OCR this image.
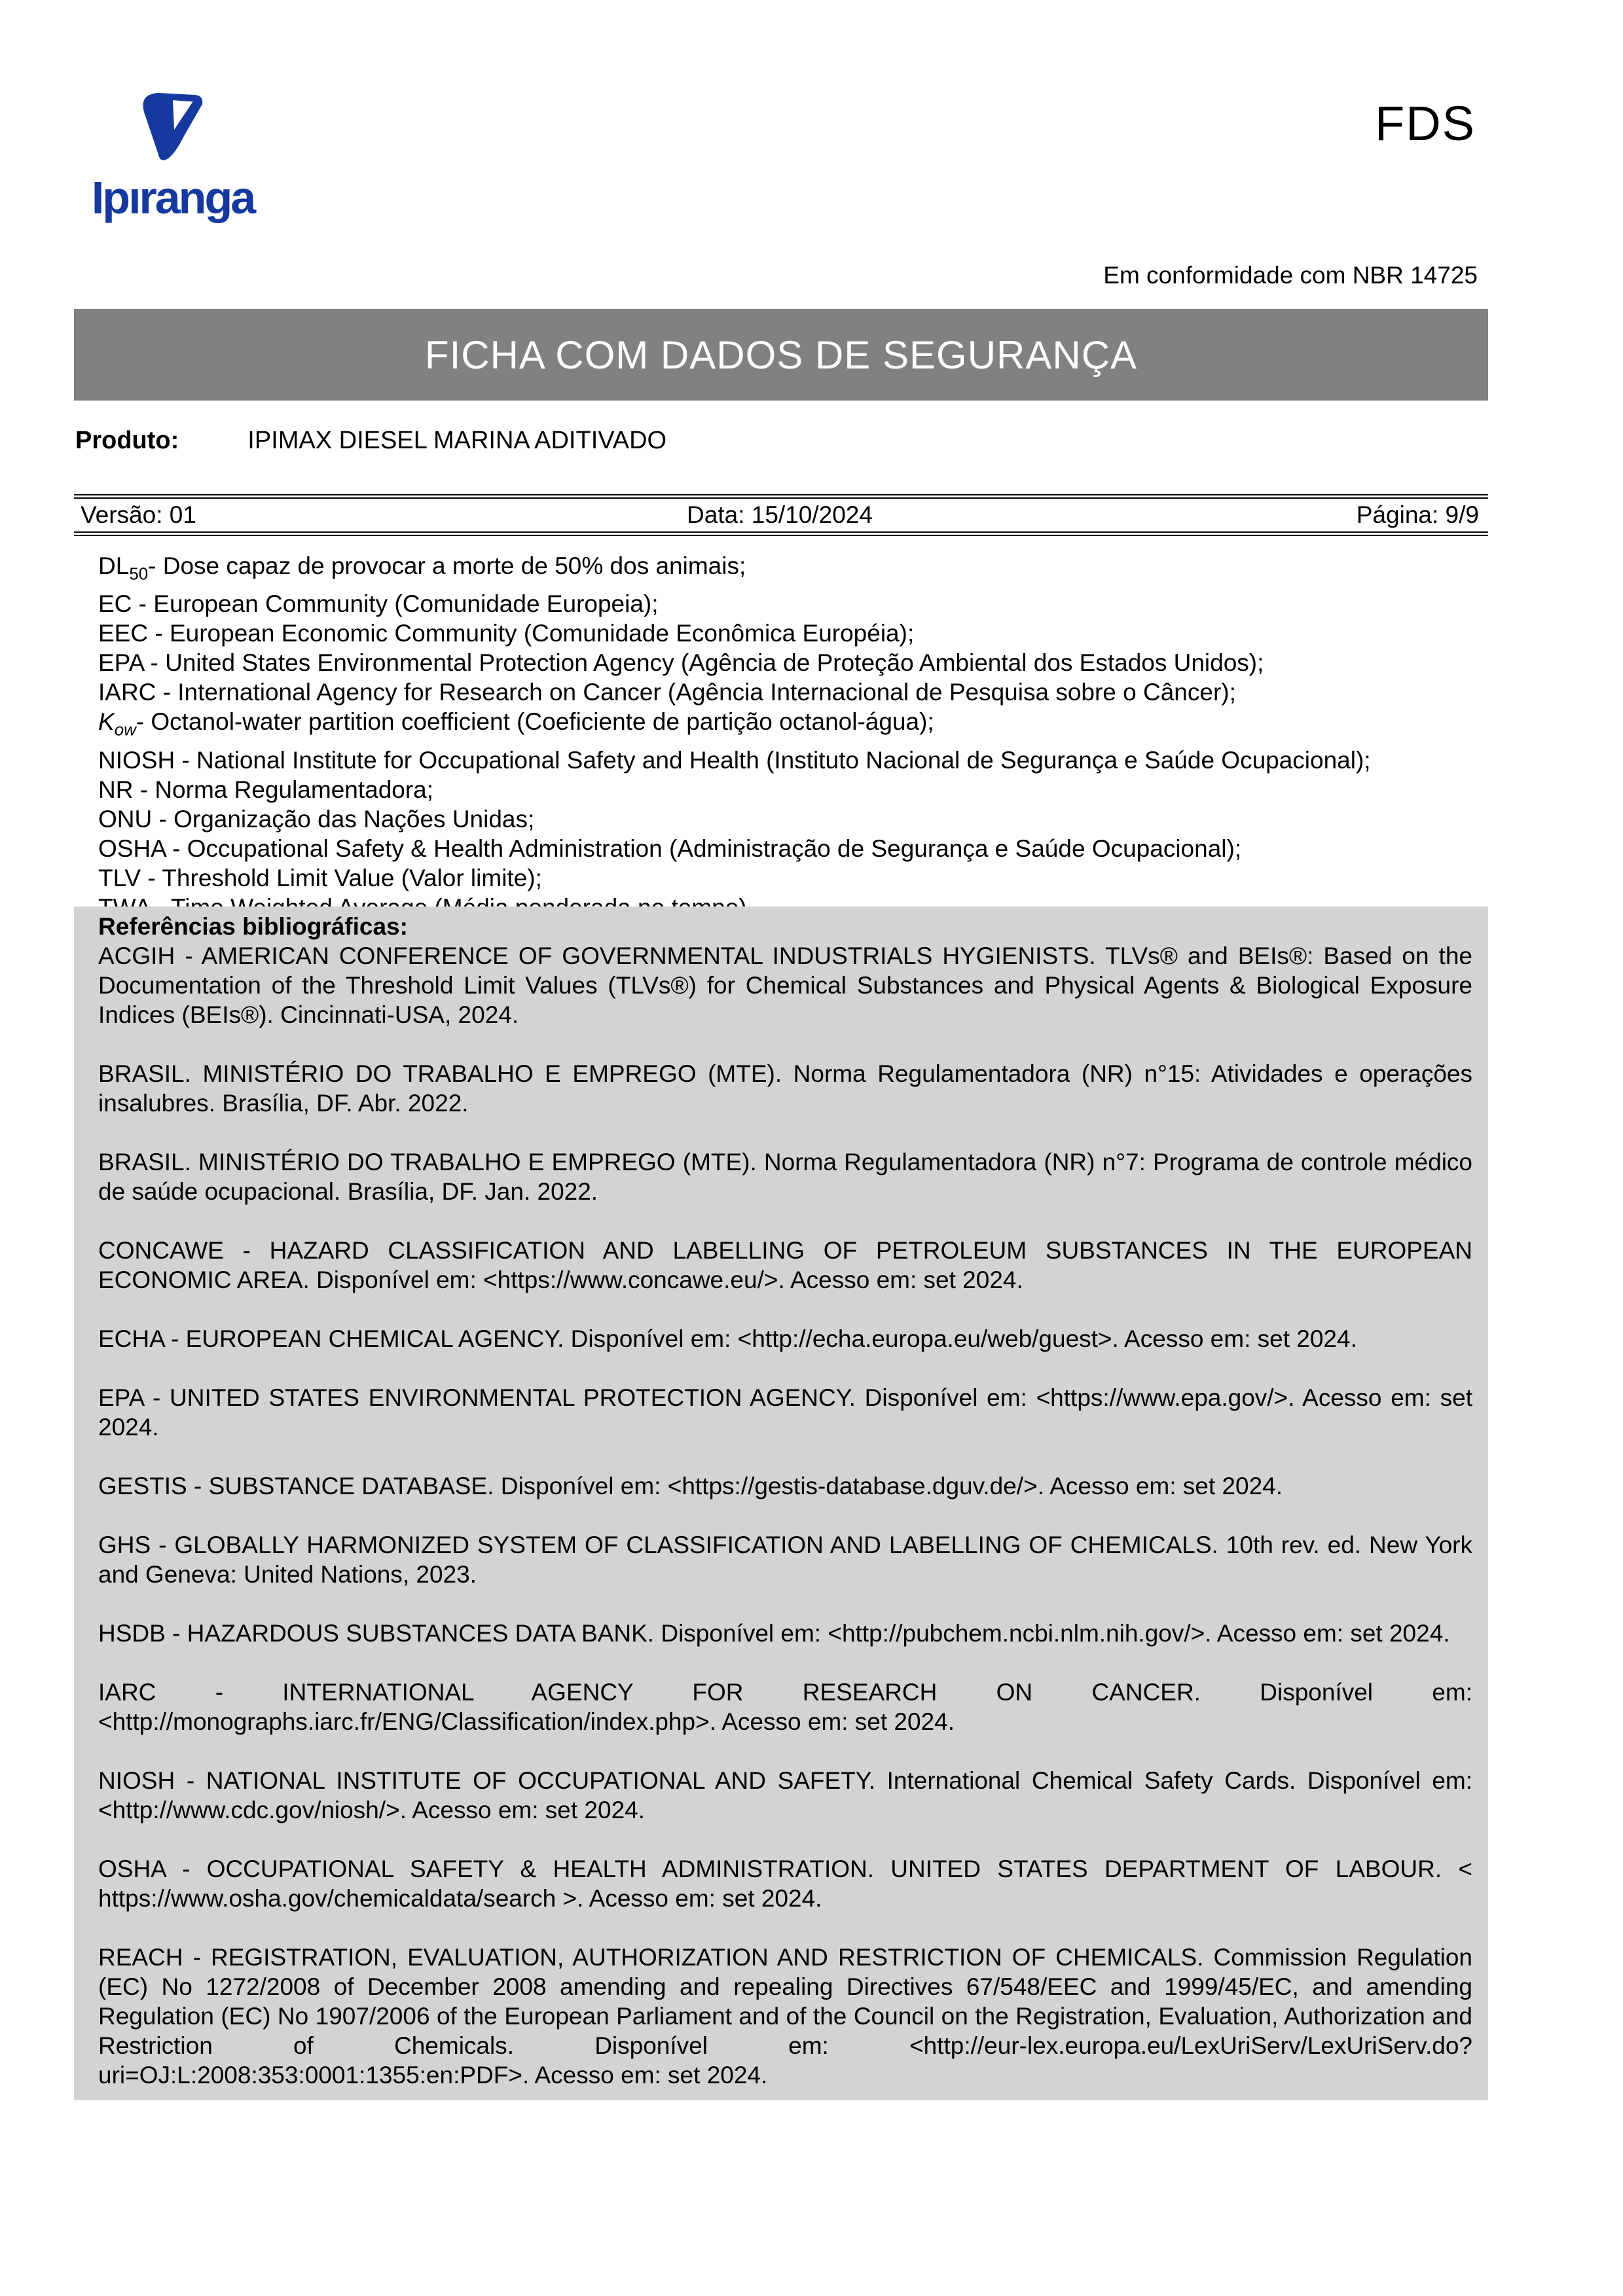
Ipıranga
FDS
Em conformidade com NBR 14725
FICHA COM DADOS DE SEGURANÇA
Produto:	IPIMAX DIESEL MARINA ADITIVADO
Versão: 01	Data: 15/10/2024	Página: 9/9
$DL_{50}-$ Dose capaz de provocar a morte de 50% dos animais;
EC - European Community (Comunidade Europeia);
EEC - European Economic Community (Comunidade Econômica Européia);
EPA - United States Environmental Protection Agency (Agência de Proteção Ambiental dos Estados Unidos);
IARC - International Agency for Research on Cancer (Agência Internacional de Pesquisa sobre o Câncer);
$K_{ow}-$ Octanol-water partition coefficient (Coeficiente de partição octanol-água);
NIOSH - National Institute for Occupational Safety and Health (Instituto Nacional de Segurança e Saúde Ocupacional);
NR - Norma Regulamentadora;
ONU - Organização das Nações Unidas;
OSHA - Occupational Safety & Health Administration (Administração de Segurança e Saúde Ocupacional);
TLV - Threshold Limit Value (Valor limite);
Referências bibliográficas:

ACGIH - AMERICAN CONFERENCE OF GOVERNMENTAL INDUSTRIALS HYGIENISTS. TLVs® and BEIs®: Based on the Documentation of the Threshold Limit Values (TLVs®) for Chemical Substances and Physical Agents & Biological Exposure Indices (BEIs®). Cincinnati-USA, 2024.

BRASIL. MINISTÉRIO DO TRABALHO E EMPREGO (MTE). Norma Regulamentadora (NR) n°15: Atividades e operações insalubres. Brasília, DF. Abr. 2022.

BRASIL. MINISTÉRIO DO TRABALHO E EMPREGO (MTE). Norma Regulamentadora (NR) n°7: Programa de controle médico de saúde ocupacional. Brasília, DF. Jan. 2022.

CONCAWE - HAZARD CLASSIFICATION AND LABELLING OF PETROLEUM SUBSTANCES IN THE EUROPEAN ECONOMIC AREA. Disponível em: <https://www.concawe.eu/>. Acesso em: set 2024.

ECHA - EUROPEAN CHEMICAL AGENCY. Disponível em: <http://echa.europa.eu/web/guest>. Acesso em: set 2024.

EPA - UNITED STATES ENVIRONMENTAL PROTECTION AGENCY. Disponível em: <https://www.epa.gov/>. Acesso em: set 2024.

GESTIS - SUBSTANCE DATABASE. Disponível em: <https://gestis-database.dguv.de/>. Acesso em: set 2024.

GHS - GLOBALLY HARMONIZED SYSTEM OF CLASSIFICATION AND LABELLING OF CHEMICALS. 10th rev. ed. New York and Geneva: United Nations, 2023.

HSDB - HAZARDOUS SUBSTANCES DATA BANK. Disponível em: <http://pubchem.ncbi.nlm.nih.gov/>. Acesso em: set 2024.

IARC - INTERNATIONAL AGENCY FOR RESEARCH ON CANCER. Disponível em: <http://monographs.iarc.fr/ENG/Classification/index.php>. Acesso em: set 2024.

NIOSH - NATIONAL INSTITUTE OF OCCUPATIONAL AND SAFETY. International Chemical Safety Cards. Disponível em: <http://www.cdc.gov/niosh/>. Acesso em: set 2024.

OSHA - OCCUPATIONAL SAFETY & HEALTH ADMINISTRATION. UNITED STATES DEPARTMENT OF LABOUR. < https://www.osha.gov/chemicaldata/search >. Acesso em: set 2024.

REACH - REGISTRATION, EVALUATION, AUTHORIZATION AND RESTRICTION OF CHEMICALS. Commission Regulation (EC) No 1272/2008 of December 2008 amending and repealing Directives 67/548/EEC and 1999/45/EC, and amending Regulation (EC) No 1907/2006 of the European Parliament and of the Council on the Registration, Evaluation, Authorization and Restriction of Chemicals. Disponível em: <http://eur-lex.europa.eu/LexUriServ/LexUriServ.do?uri=OJ:L:2008:353:0001:1355:en:PDF>. Acesso em: set 2024.
